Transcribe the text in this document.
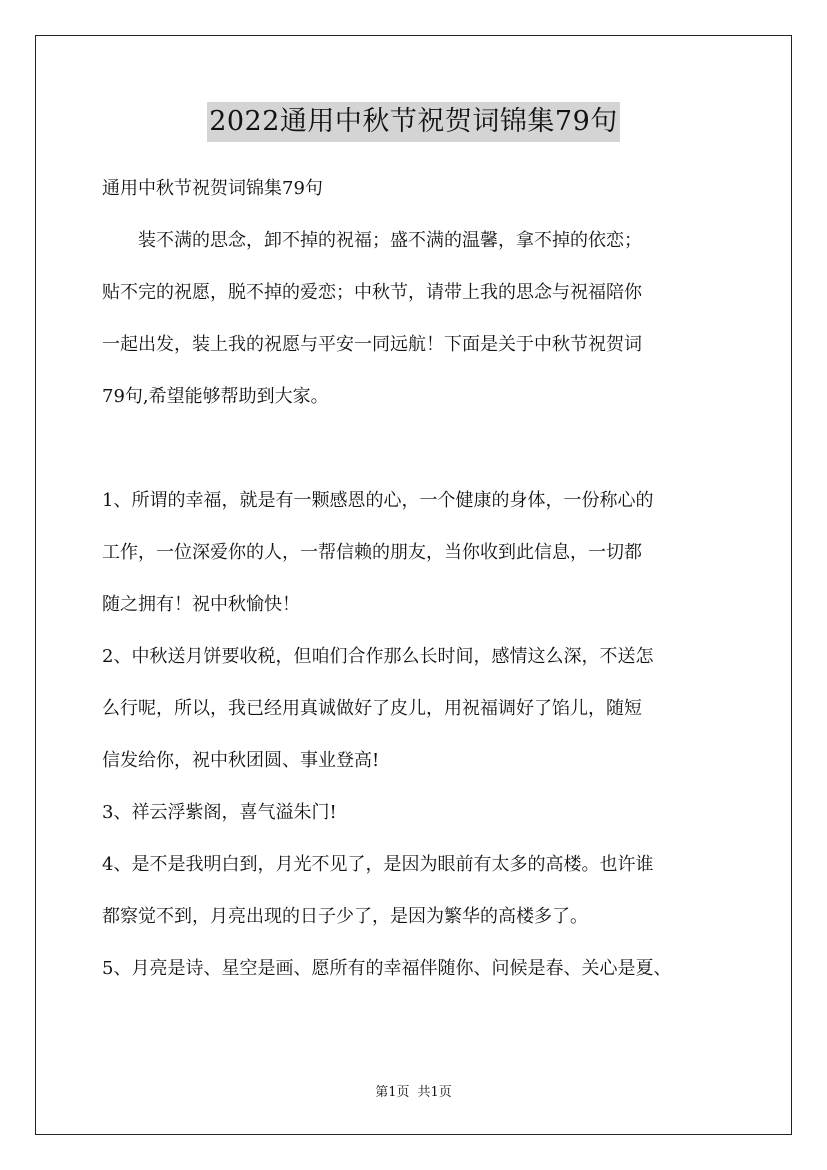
2022通用中秋节祝贺词锦集79句
通用中秋节祝贺词锦集79句
　　装不满的思念，卸不掉的祝福；盛不满的温馨，拿不掉的依恋；
贴不完的祝愿，脱不掉的爱恋；中秋节，请带上我的思念与祝福陪你
一起出发，装上我的祝愿与平安一同远航！下面是关于中秋节祝贺词
79句,希望能够帮助到大家。
1、所谓的幸福，就是有一颗感恩的心，一个健康的身体，一份称心的
工作，一位深爱你的人，一帮信赖的朋友，当你收到此信息，一切都
随之拥有！祝中秋愉快！
2、中秋送月饼要收税，但咱们合作那么长时间，感情这么深，不送怎
么行呢，所以，我已经用真诚做好了皮儿，用祝福调好了馅儿，随短
信发给你，祝中秋团圆、事业登高!
3、祥云浮紫阁，喜气溢朱门!
4、是不是我明白到，月光不见了，是因为眼前有太多的高楼。也许谁
都察觉不到，月亮出现的日子少了，是因为繁华的高楼多了。
5、月亮是诗、星空是画、愿所有的幸福伴随你、问候是春、关心是夏、
第1页 共1页
